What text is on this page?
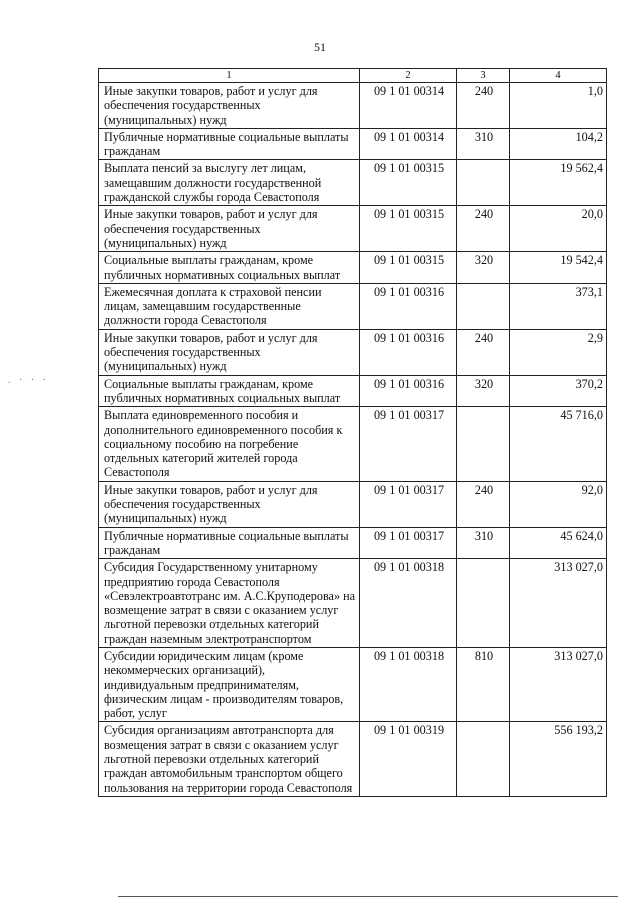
51
. · · ·
1	2	3	4
Иные закупки товаров, работ и услуг для обеспечения государственных (муниципальных) нужд	09 1 01 00314	240	1,0
Публичные нормативные социальные выплаты гражданам	09 1 01 00314	310	104,2
Выплата пенсий за выслугу лет лицам, замещавшим должности государственной гражданской службы города Севастополя	09 1 01 00315		19 562,4
Иные закупки товаров, работ и услуг для обеспечения государственных (муниципальных) нужд	09 1 01 00315	240	20,0
Социальные выплаты гражданам, кроме публичных нормативных социальных выплат	09 1 01 00315	320	19 542,4
Ежемесячная доплата к страховой пенсии лицам, замещавшим государственные должности города Севастополя	09 1 01 00316		373,1
Иные закупки товаров, работ и услуг для обеспечения государственных (муниципальных) нужд	09 1 01 00316	240	2,9
Социальные выплаты гражданам, кроме публичных нормативных социальных выплат	09 1 01 00316	320	370,2
Выплата единовременного пособия и дополнительного единовременного пособия к социальному пособию на погребение отдельных категорий жителей города Севастополя	09 1 01 00317		45 716,0
Иные закупки товаров, работ и услуг для обеспечения государственных (муниципальных) нужд	09 1 01 00317	240	92,0
Публичные нормативные социальные выплаты гражданам	09 1 01 00317	310	45 624,0
Субсидия Государственному унитарному предприятию города Севастополя «Севэлектроавтотранс им. А.С.Круподерова» на возмещение затрат в связи с оказанием услуг льготной перевозки отдельных категорий граждан наземным электротранспортом	09 1 01 00318		313 027,0
Субсидии юридическим лицам (кроме некоммерческих организаций), индивидуальным предпринимателям, физическим лицам - производителям товаров, работ, услуг	09 1 01 00318	810	313 027,0
Субсидия организациям автотранспорта для возмещения затрат в связи с оказанием услуг льготной перевозки отдельных категорий граждан автомобильным транспортом общего пользования на территории города Севастополя	09 1 01 00319		556 193,2
